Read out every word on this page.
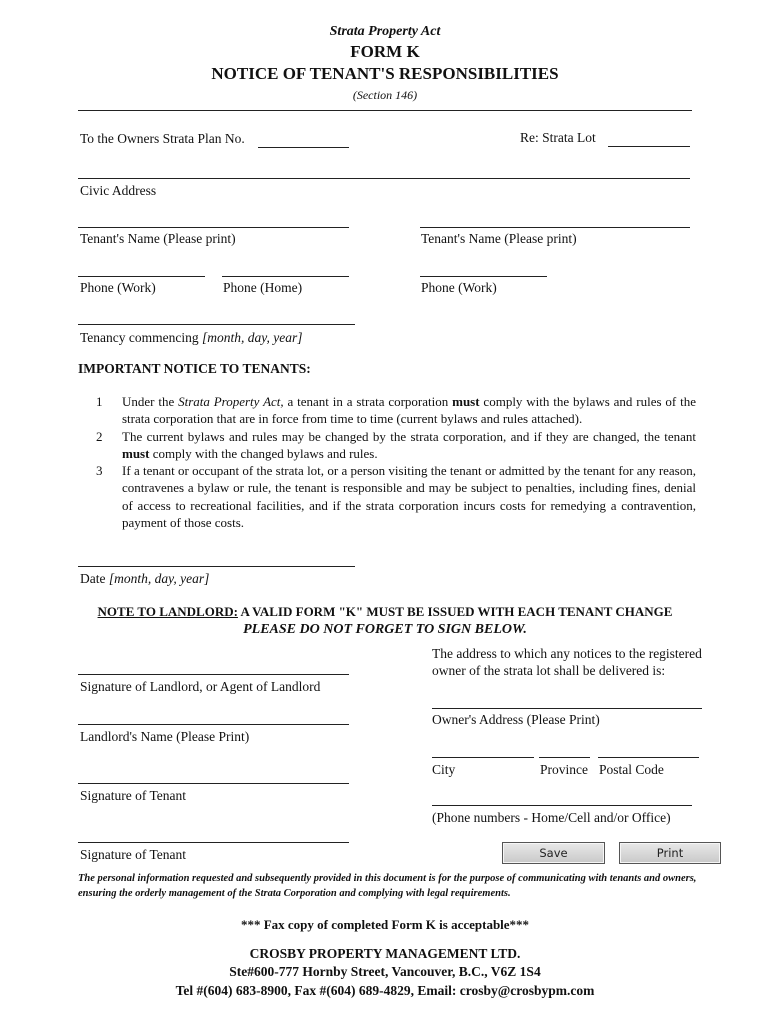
Strata Property Act
FORM K
NOTICE OF TENANT'S RESPONSIBILITIES
(Section 146)
To the Owners Strata Plan No.	Re: Strata Lot
Civic Address
Tenant's Name (Please print)	Tenant's Name (Please print)
Phone (Work)	Phone (Home)	Phone (Work)
Tenancy commencing [month, day, year]
IMPORTANT NOTICE TO TENANTS:
1	Under the Strata Property Act, a tenant in a strata corporation must comply with the bylaws and rules of the strata corporation that are in force from time to time (current bylaws and rules attached).
2	The current bylaws and rules may be changed by the strata corporation, and if they are changed, the tenant must comply with the changed bylaws and rules.
3	If a tenant or occupant of the strata lot, or a person visiting the tenant or admitted by the tenant for any reason, contravenes a bylaw or rule, the tenant is responsible and may be subject to penalties, including fines, denial of access to recreational facilities, and if the strata corporation incurs costs for remedying a contravention, payment of those costs.
Date [month, day, year]
NOTE TO LANDLORD: A VALID FORM "K" MUST BE ISSUED WITH EACH TENANT CHANGE
PLEASE DO NOT FORGET TO SIGN BELOW.
The address to which any notices to the registered
owner of the strata lot shall be delivered is:
Signature of Landlord, or Agent of Landlord
Landlord's Name (Please Print)
Signature of Tenant
Signature of Tenant
Owner's Address (Please Print)
City	Province Postal Code
(Phone numbers - Home/Cell and/or Office)
Save	Print
The personal information requested and subsequently provided in this document is for the purpose of communicating with tenants and owners, ensuring the orderly management of the Strata Corporation and complying with legal requirements.
*** Fax copy of completed Form K is acceptable***
CROSBY PROPERTY MANAGEMENT LTD.
Ste#600-777 Hornby Street, Vancouver, B.C., V6Z 1S4
Tel #(604) 683-8900, Fax #(604) 689-4829, Email: crosby@crosbypm.com
